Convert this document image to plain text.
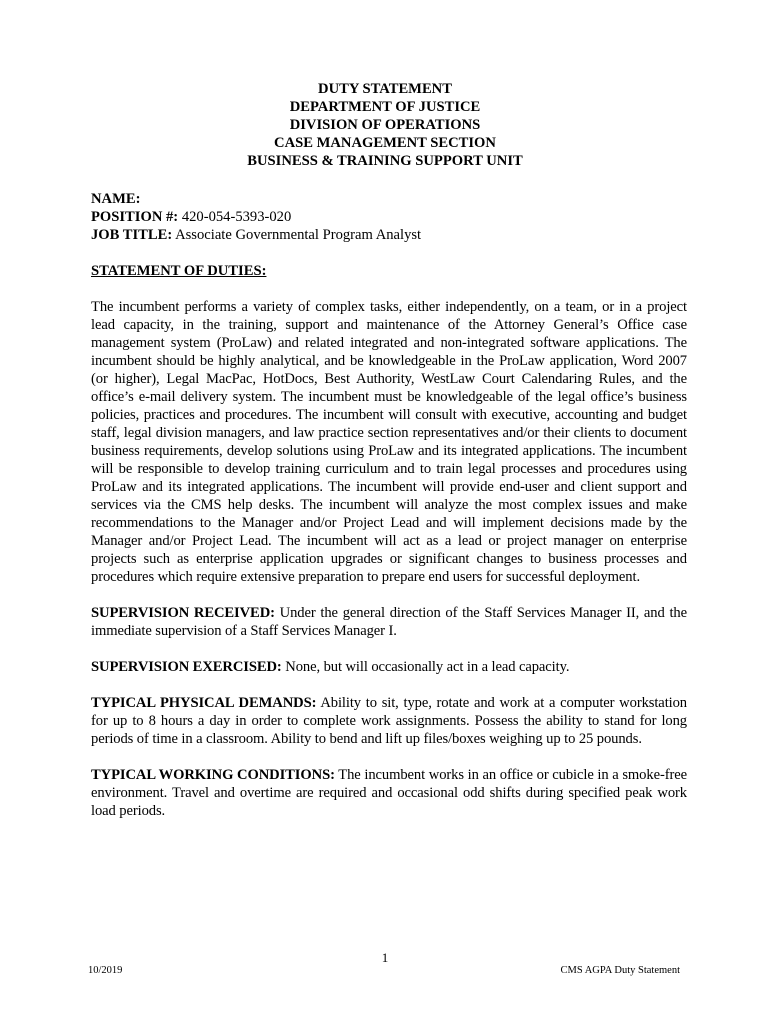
DUTY STATEMENT
DEPARTMENT OF JUSTICE
DIVISION OF OPERATIONS
CASE MANAGEMENT SECTION
BUSINESS & TRAINING SUPPORT UNIT
NAME:
POSITION #: 420-054-5393-020
JOB TITLE: Associate Governmental Program Analyst
STATEMENT OF DUTIES:
The incumbent performs a variety of complex tasks, either independently, on a team, or in a project lead capacity, in the training, support and maintenance of the Attorney General’s Office case management system (ProLaw) and related integrated and non-integrated software applications. The incumbent should be highly analytical, and be knowledgeable in the ProLaw application, Word 2007 (or higher), Legal MacPac, HotDocs, Best Authority, WestLaw Court Calendaring Rules, and the office’s e-mail delivery system. The incumbent must be knowledgeable of the legal office’s business policies, practices and procedures. The incumbent will consult with executive, accounting and budget staff, legal division managers, and law practice section representatives and/or their clients to document business requirements, develop solutions using ProLaw and its integrated applications. The incumbent will be responsible to develop training curriculum and to train legal processes and procedures using ProLaw and its integrated applications. The incumbent will provide end-user and client support and services via the CMS help desks. The incumbent will analyze the most complex issues and make recommendations to the Manager and/or Project Lead and will implement decisions made by the Manager and/or Project Lead. The incumbent will act as a lead or project manager on enterprise projects such as enterprise application upgrades or significant changes to business processes and procedures which require extensive preparation to prepare end users for successful deployment.
SUPERVISION RECEIVED: Under the general direction of the Staff Services Manager II, and the immediate supervision of a Staff Services Manager I.
SUPERVISION EXERCISED: None, but will occasionally act in a lead capacity.
TYPICAL PHYSICAL DEMANDS: Ability to sit, type, rotate and work at a computer workstation for up to 8 hours a day in order to complete work assignments. Possess the ability to stand for long periods of time in a classroom. Ability to bend and lift up files/boxes weighing up to 25 pounds.
TYPICAL WORKING CONDITIONS: The incumbent works in an office or cubicle in a smoke-free environment. Travel and overtime are required and occasional odd shifts during specified peak work load periods.
1
10/2019	CMS AGPA Duty Statement
